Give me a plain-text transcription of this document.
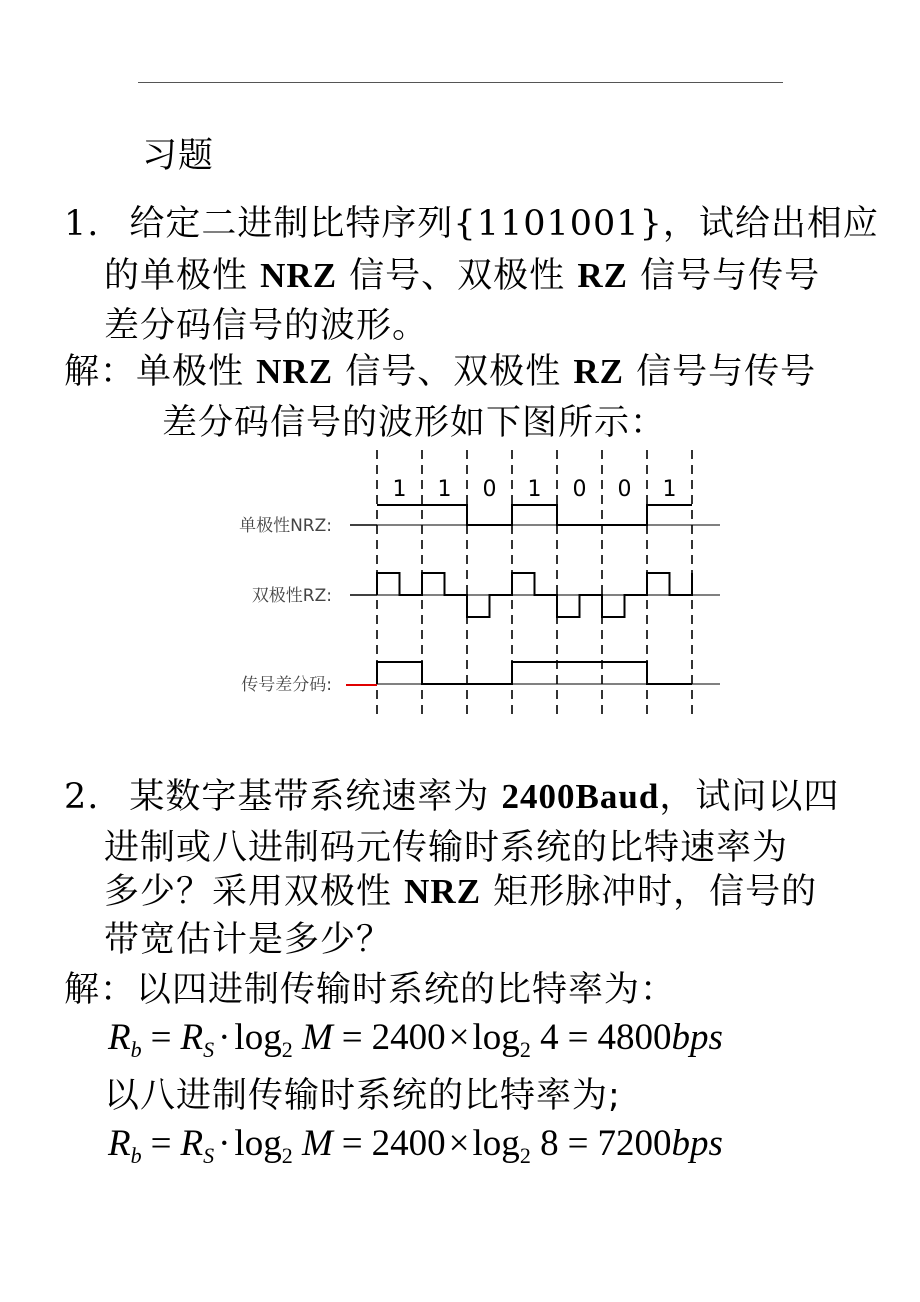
习题
1. 给定二进制比特序列{1101001}，试给出相应
的单极性 NRZ 信号、双极性 RZ 信号与传号
差分码信号的波形。
解：单极性 NRZ 信号、双极性 RZ 信号与传号
差分码信号的波形如下图所示：
1 1 0 1 0 0 1
单极性NRZ:
双极性RZ:
传号差分码:
2. 某数字基带系统速率为 2400Baud，试问以四
进制或八进制码元传输时系统的比特速率为
多少？采用双极性 NRZ 矩形脉冲时，信号的
带宽估计是多少？
解：以四进制传输时系统的比特率为：
$R_b = R_S \cdot \log_2 M = 2400\times\log_2$ 4 = 4800bps
以八进制传输时系统的比特率为;
$R_b = R_S \cdot \log_2 M = 2400\times\log_2$ 8 = 7200bps
